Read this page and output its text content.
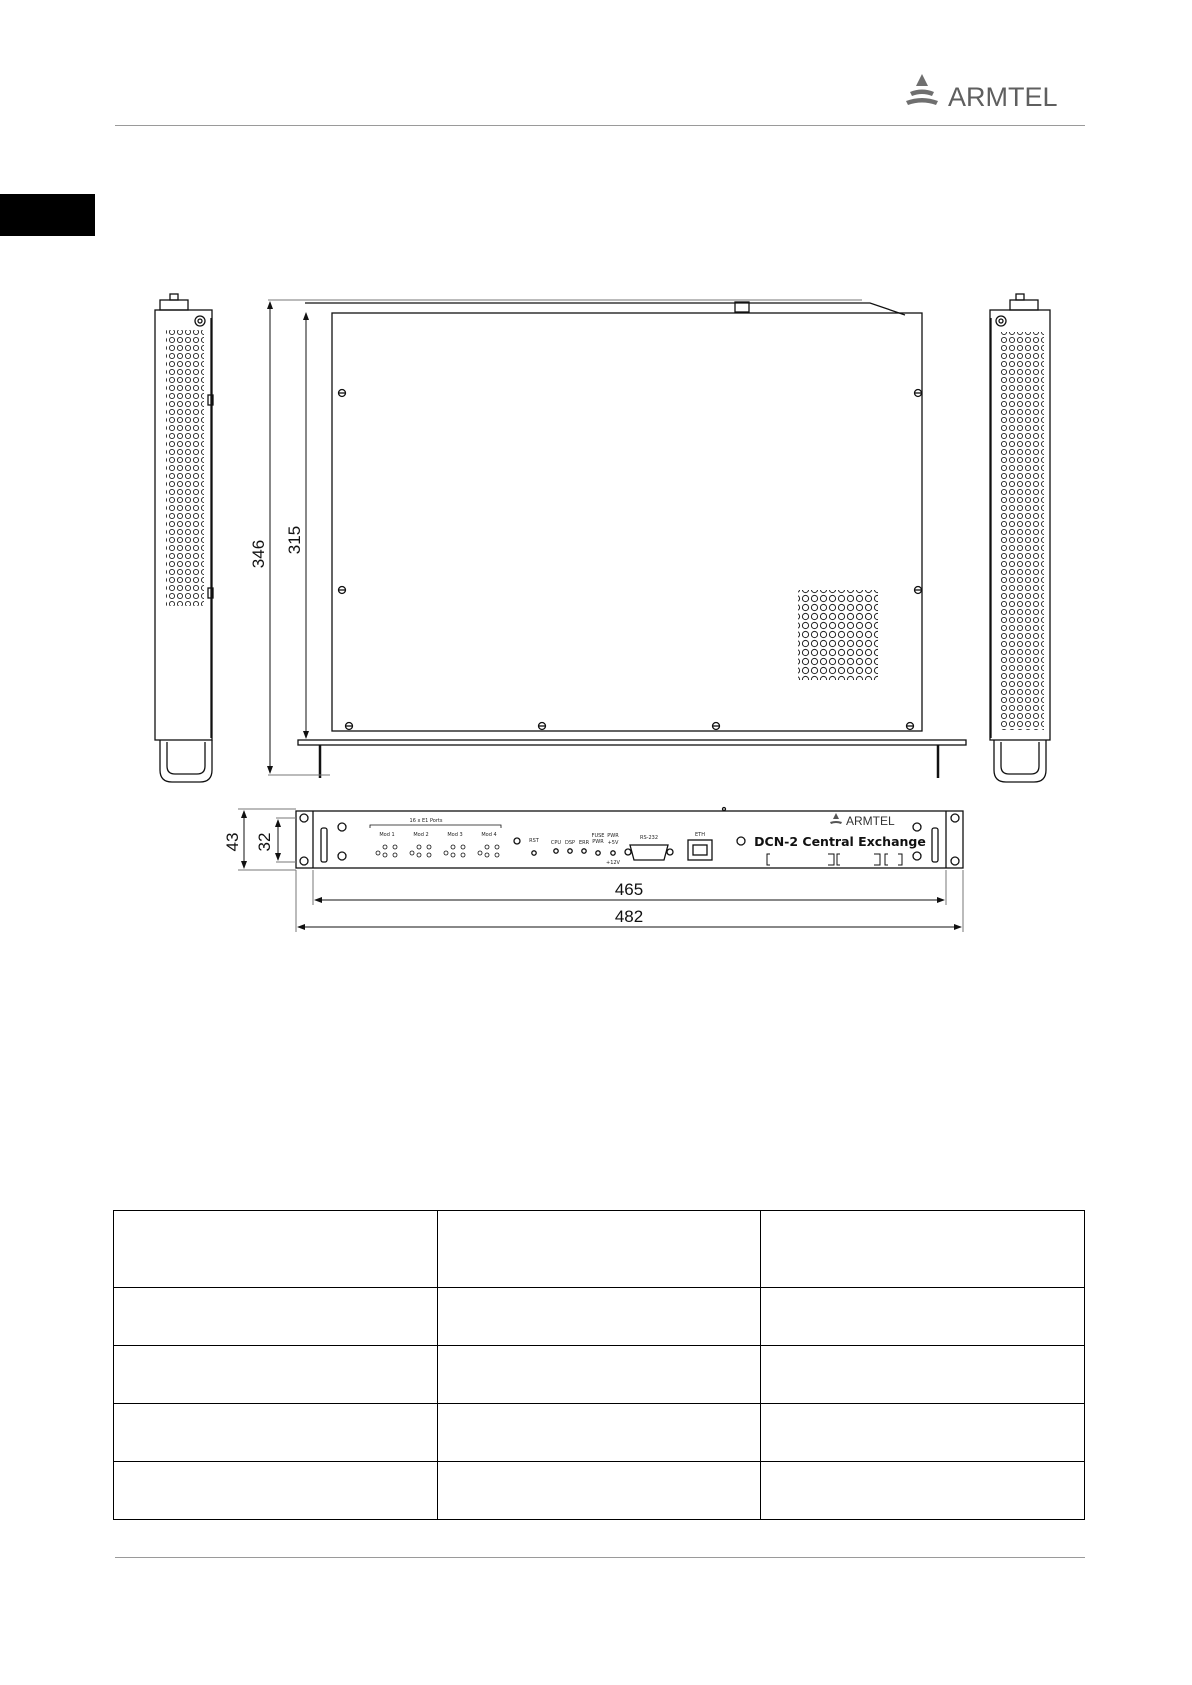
ARMTEL
346 315
16 x E1 Ports
Mod 1	Mod 2	Mod 3	Mod 4
RST CPU DSP ERR
FUSE
PWR
PWR
+5V
+12V
RS-232	ETH
ARMTEL
DCN-2 Central Exchange
43 32
465
482
